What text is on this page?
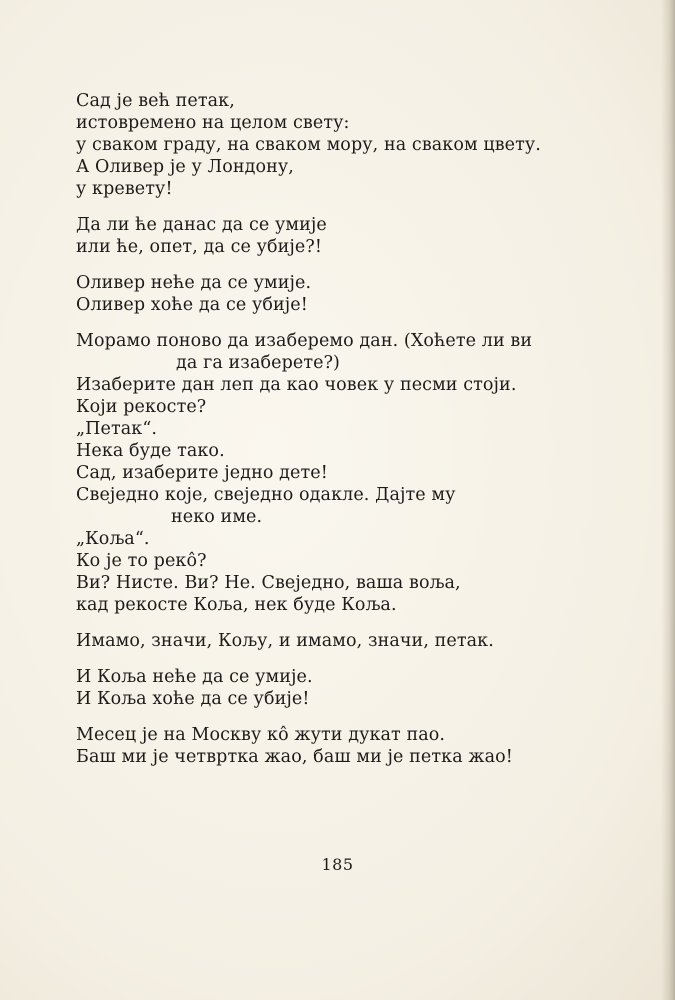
Сад је већ петак,
истовремено на целом свету:
у сваком граду, на сваком мору, на сваком цвету.
А Оливер је у Лондону,
у кревету!
Да ли ће данас да се умије
или ће, опет, да се убије?!
Оливер неће да се умије.
Оливер хоће да се убије!
Морамо поново да изаберемо дан. (Хоћете ли ви
да га изаберете?)
Изаберите дан леп да као човек у песми стоји.
Који рекосте?
„Петак“.
Нека буде тако.
Сад, изаберите једно дете!
Свеједно које, свеједно одакле. Дајте му
неко име.
„Коља“.
Ко је то рекô?
Ви? Нисте. Ви? Не. Свеједно, ваша воља,
кад рекосте Коља, нек буде Коља.
Имамо, значи, Кољу, и имамо, значи, петак.
И Коља неће да се умије.
И Коља хоће да се убије!
Месец је на Москву кô жути дукат пао.
Баш ми је четвртка жао, баш ми је петка жао!
185
